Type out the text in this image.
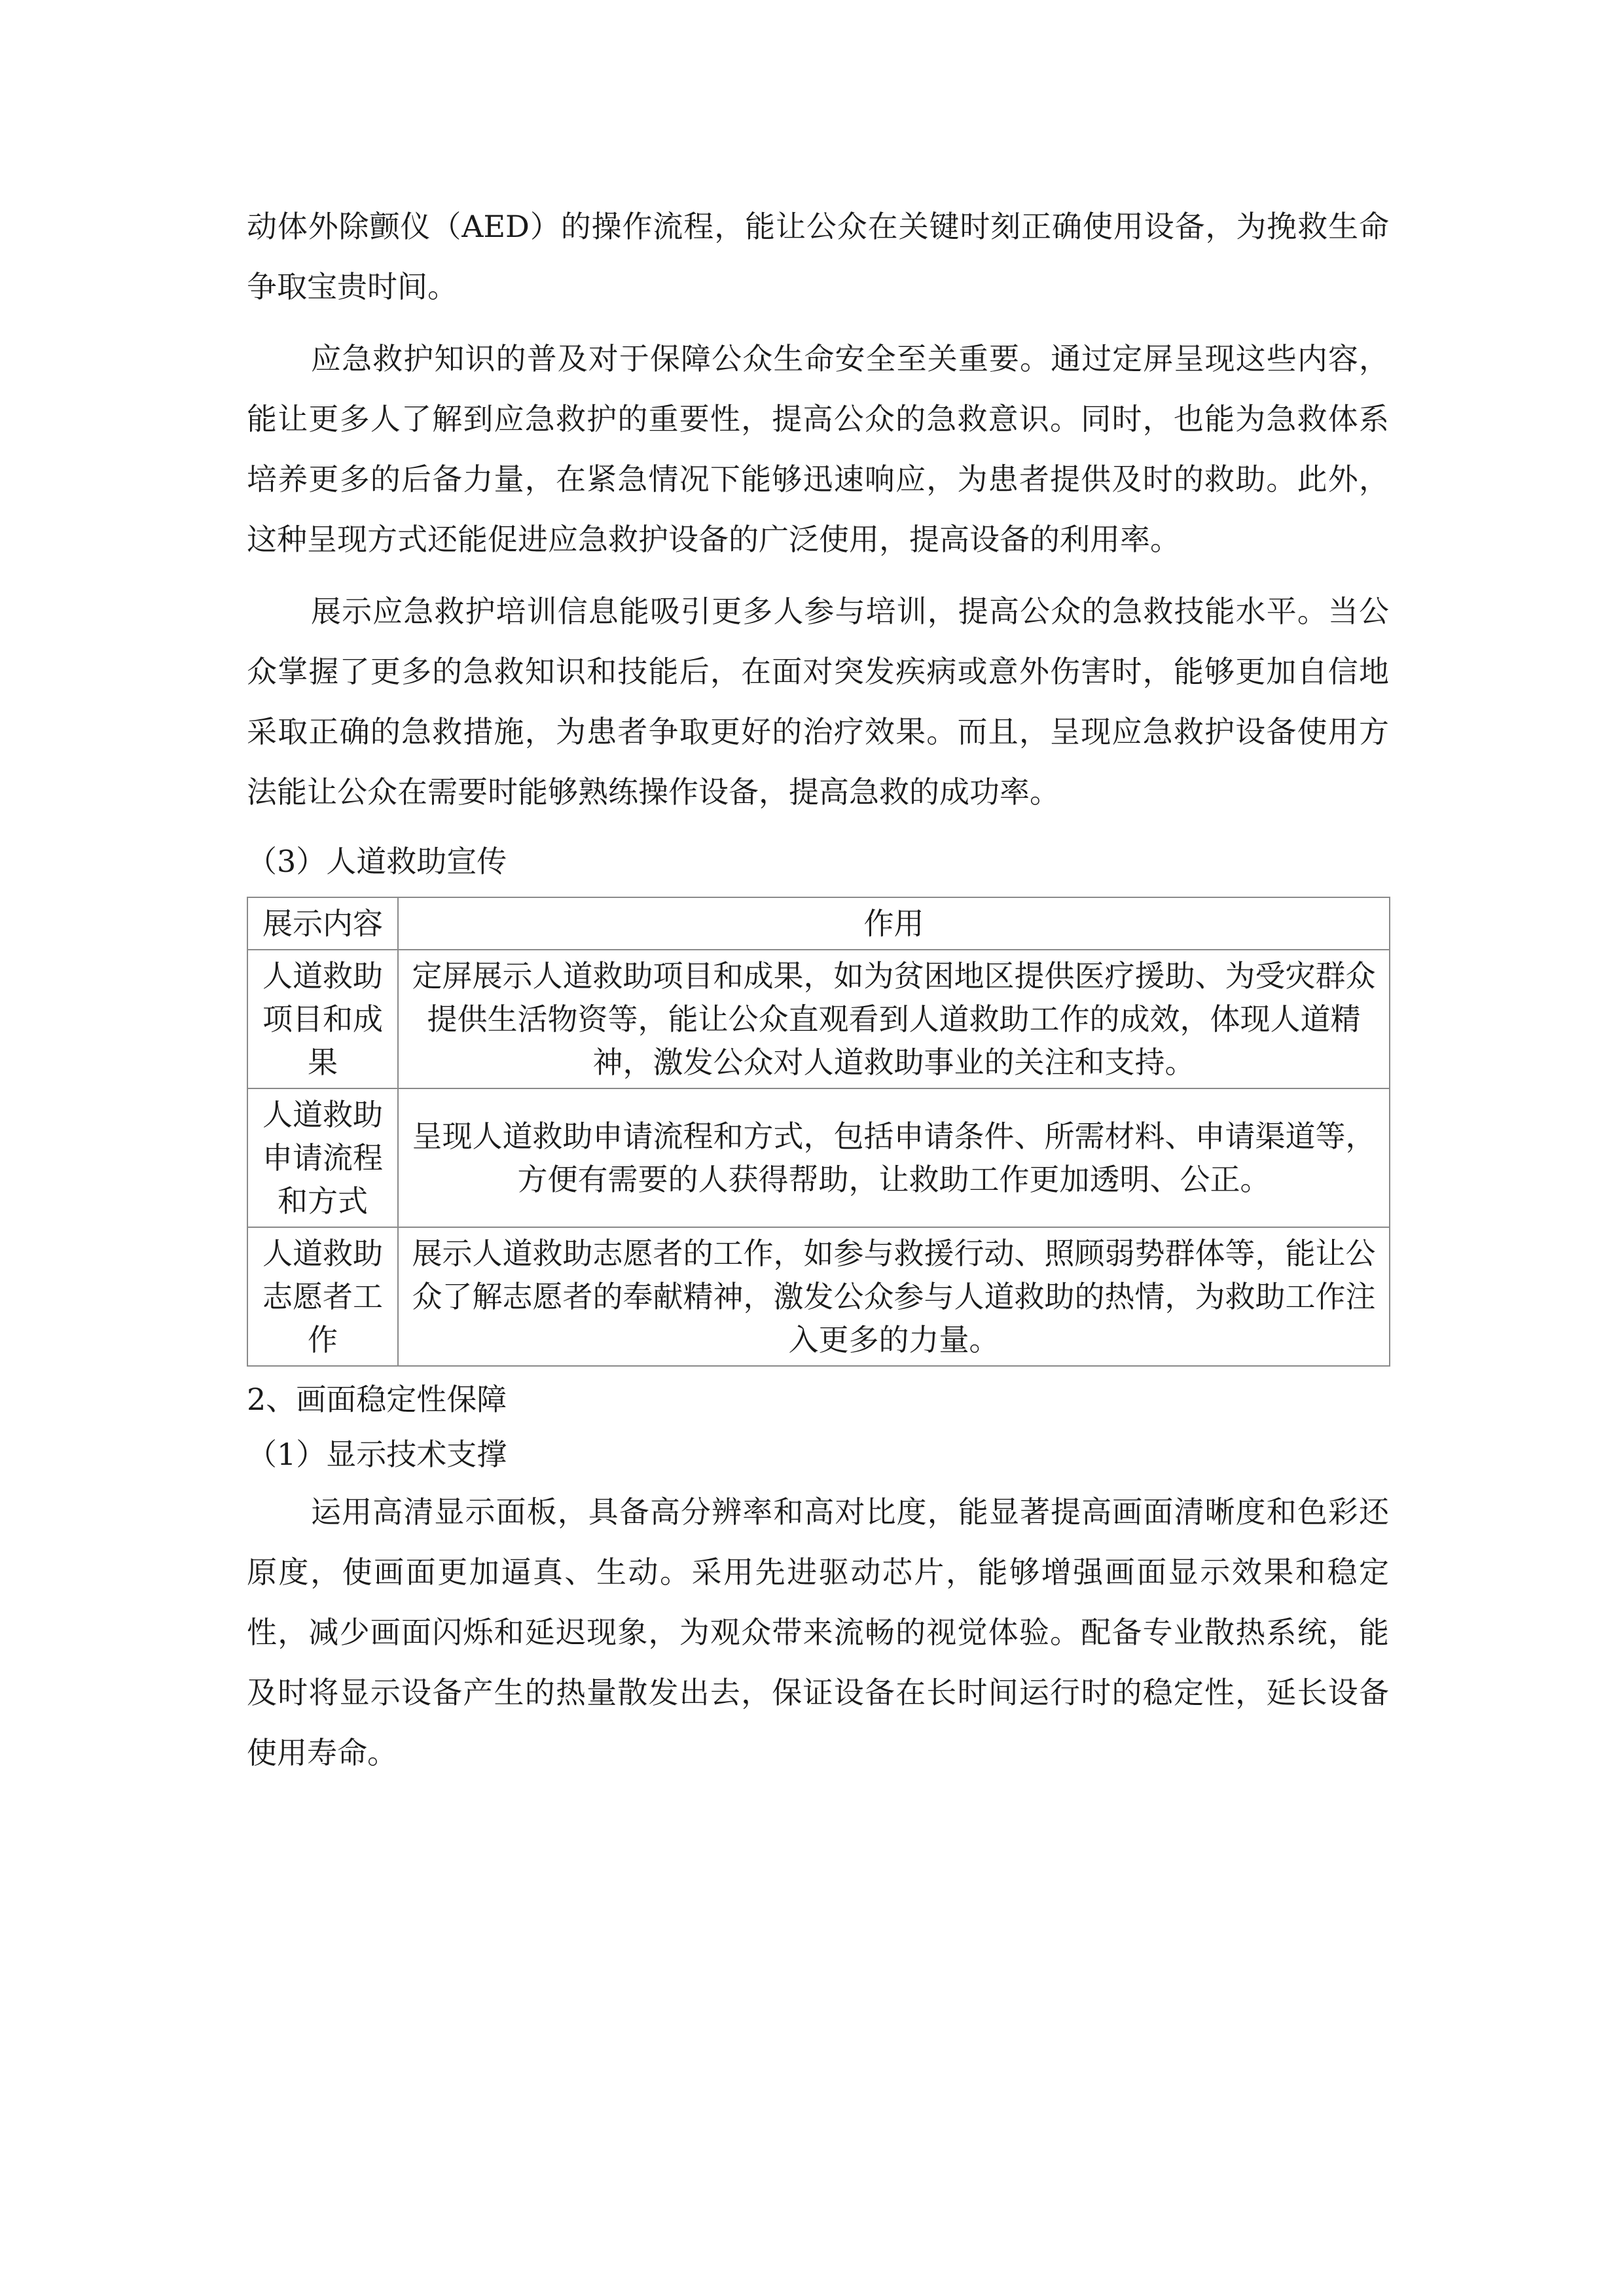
动体外除颤仪（AED）的操作流程，能让公众在关键时刻正确使用设备，为挽救生命争取宝贵时间。

应急救护知识的普及对于保障公众生命安全至关重要。通过定屏呈现这些内容，能让更多人了解到应急救护的重要性，提高公众的急救意识。同时，也能为急救体系培养更多的后备力量，在紧急情况下能够迅速响应，为患者提供及时的救助。此外，这种呈现方式还能促进应急救护设备的广泛使用，提高设备的利用率。

展示应急救护培训信息能吸引更多人参与培训，提高公众的急救技能水平。当公众掌握了更多的急救知识和技能后，在面对突发疾病或意外伤害时，能够更加自信地采取正确的急救措施，为患者争取更好的治疗效果。而且，呈现应急救护设备使用方法能让公众在需要时能够熟练操作设备，提高急救的成功率。

（3）人道救助宣传

展示内容	作用
人道救助项目和成果	定屏展示人道救助项目和成果，如为贫困地区提供医疗援助、为受灾群众提供生活物资等，能让公众直观看到人道救助工作的成效，体现人道精神，激发公众对人道救助事业的关注和支持。
人道救助申请流程和方式	呈现人道救助申请流程和方式，包括申请条件、所需材料、申请渠道等，方便有需要的人获得帮助，让救助工作更加透明、公正。
人道救助志愿者工作	展示人道救助志愿者的工作，如参与救援行动、照顾弱势群体等，能让公众了解志愿者的奉献精神，激发公众参与人道救助的热情，为救助工作注入更多的力量。

2、画面稳定性保障

（1）显示技术支撑

运用高清显示面板，具备高分辨率和高对比度，能显著提高画面清晰度和色彩还原度，使画面更加逼真、生动。采用先进驱动芯片，能够增强画面显示效果和稳定性，减少画面闪烁和延迟现象，为观众带来流畅的视觉体验。配备专业散热系统，能及时将显示设备产生的热量散发出去，保证设备在长时间运行时的稳定性，延长设备使用寿命。
